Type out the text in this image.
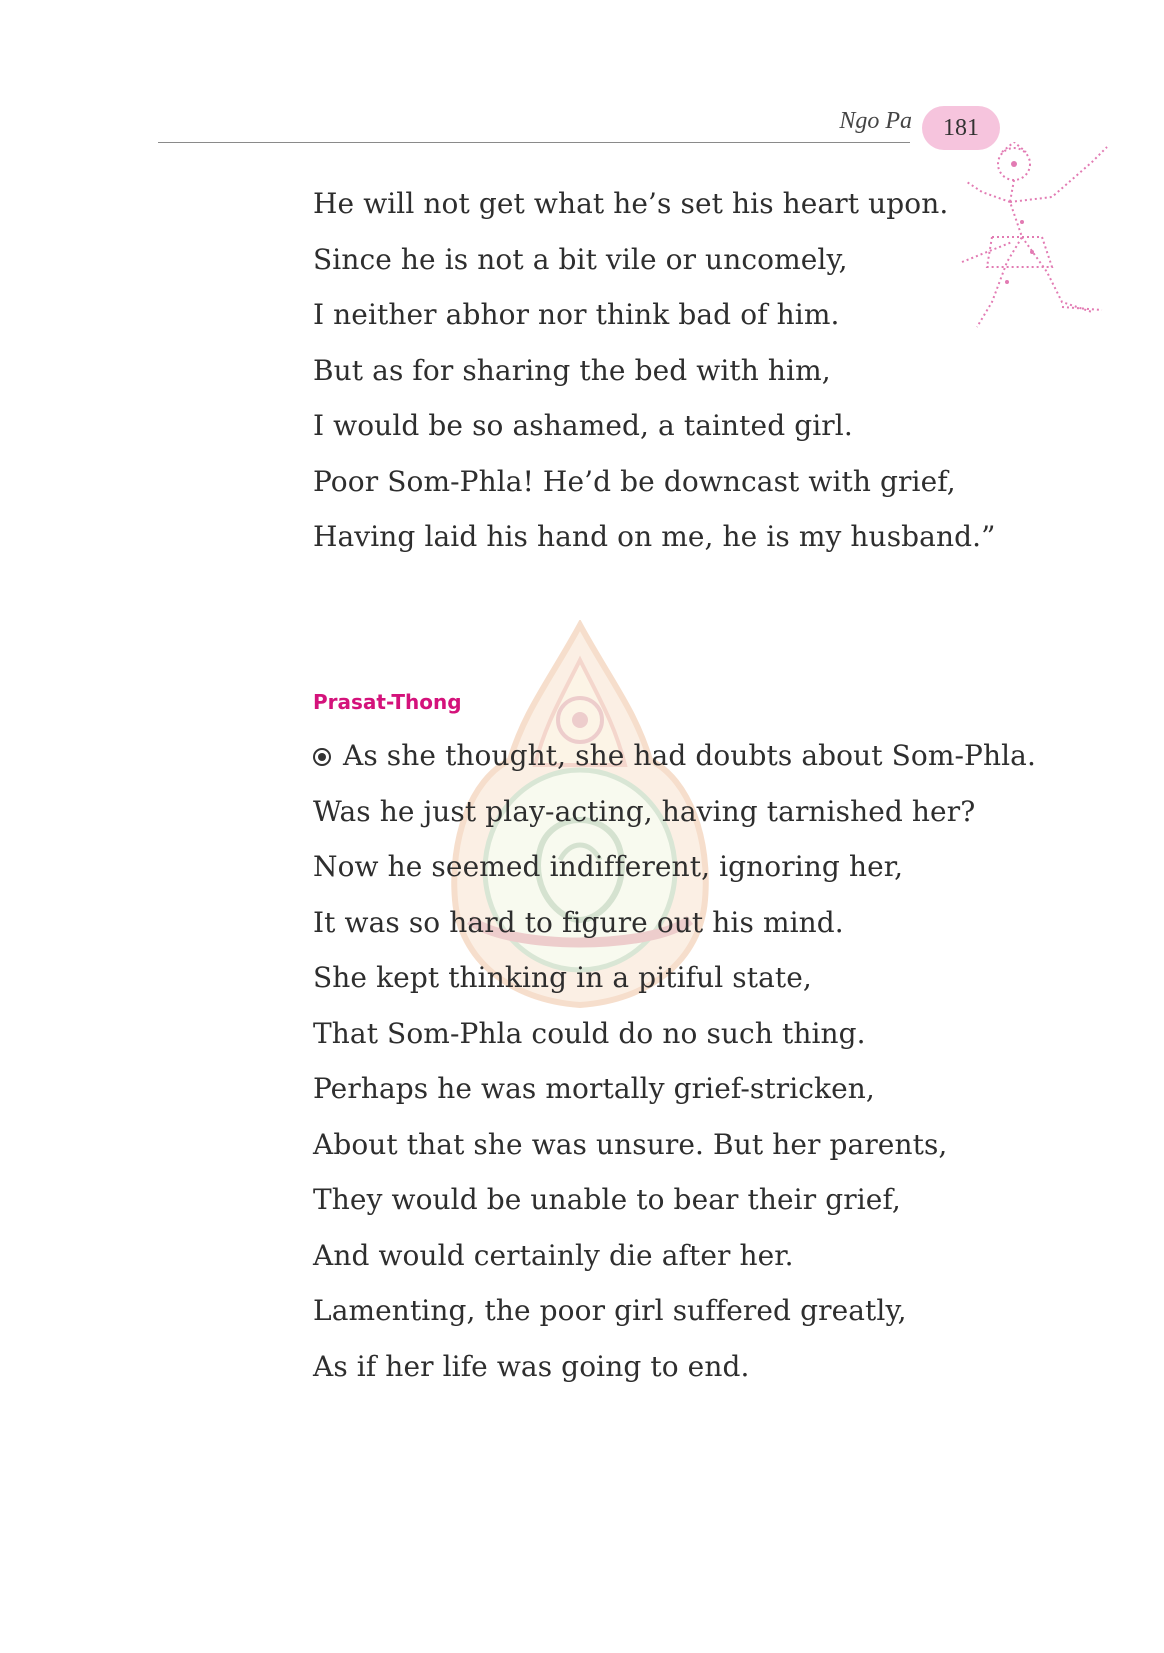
Ngo Pa 181
He will not get what he’s set his heart upon.
Since he is not a bit vile or uncomely,
I neither abhor nor think bad of him.
But as for sharing the bed with him,
I would be so ashamed, a tainted girl.
Poor Som-Phla! He’d be downcast with grief,
Having laid his hand on me, he is my husband.”
Prasat-Thong
As she thought, she had doubts about Som-Phla.
Was he just play-acting, having tarnished her?
Now he seemed indifferent, ignoring her,
It was so hard to figure out his mind.
She kept thinking in a pitiful state,
That Som-Phla could do no such thing.
Perhaps he was mortally grief-stricken,
About that she was unsure. But her parents,
They would be unable to bear their grief,
And would certainly die after her.
Lamenting, the poor girl suffered greatly,
As if her life was going to end.
